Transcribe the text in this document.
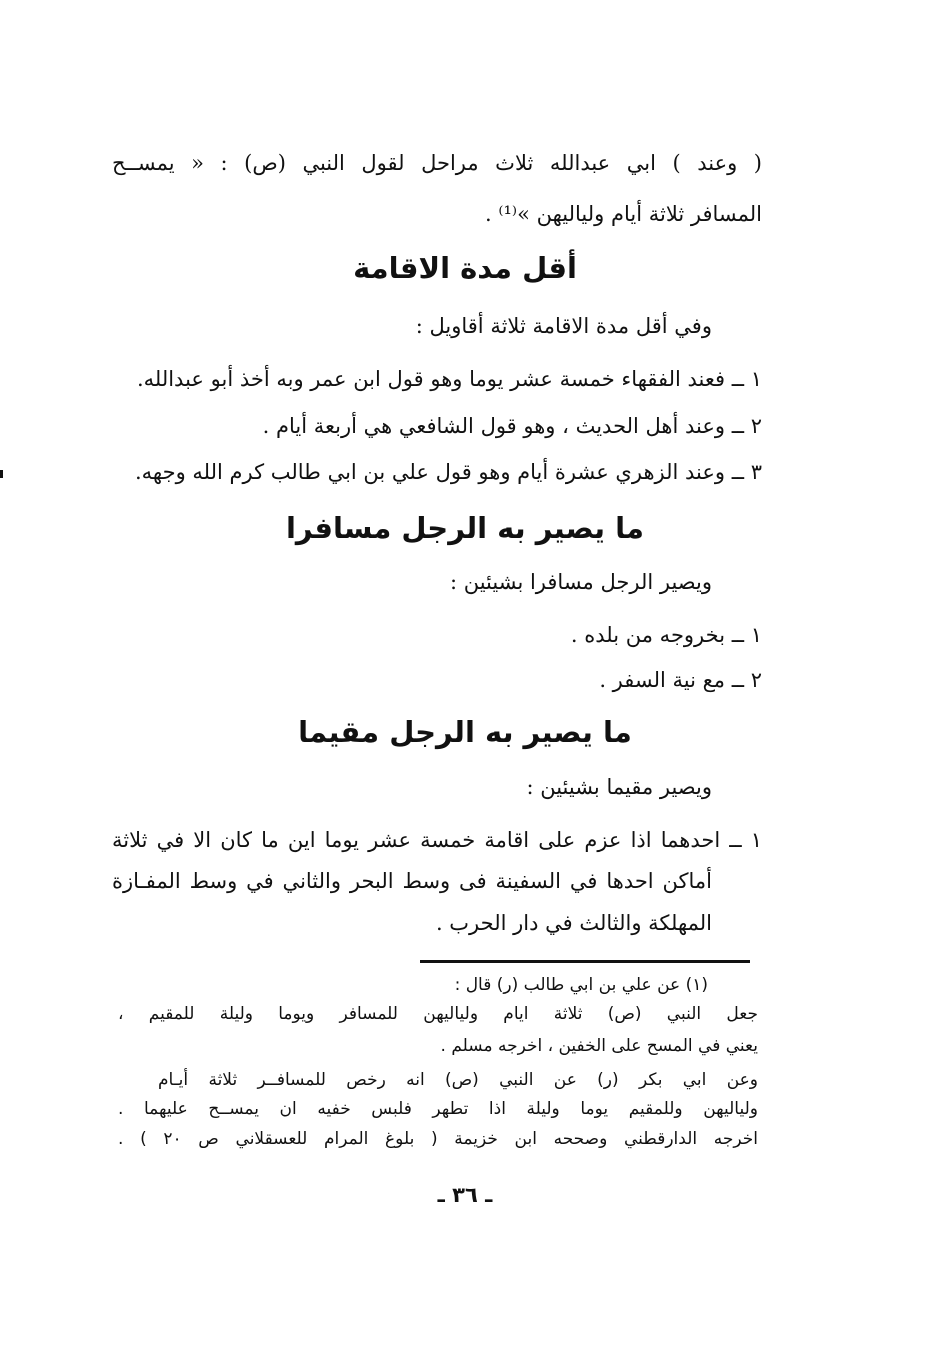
( وعند ) ابي عبدالله ثلاث مراحل لقول النبي (ص) : « يمســح
المسافر ثلاثة أيام ولياليهن »⁽¹⁾ .
أقل مدة الاقامة
وفي أقل مدة الاقامة ثلاثة أقاويل :
١ ــ فعند الفقهاء خمسة عشر يوما وهو قول ابن عمر وبه أخذ أبو عبدالله.
٢ ــ وعند أهل الحديث ، وهو قول الشافعي هي أربعة أيام .
٣ ــ وعند الزهري عشرة أيام وهو قول علي بن ابي طالب كرم الله وجهه.
ما يصير به الرجل مسافرا
ويصير الرجل مسافرا بشيئين :
١ ــ بخروجه من بلده .
٢ ــ مع نية السفر .
ما يصير به الرجل مقيما
ويصير مقيما بشيئين :
١ ــ احدهما اذا عزم على اقامة خمسة عشر يوما اين ما كان الا في ثلاثة
أماكن احدها في السفينة فى وسط البحر والثاني في وسط المفـازة
المهلكة والثالث في دار الحرب .
(١) عن علي بن ابي طالب (ر) قال :
جعل النبي (ص) ثلاثة ايام ولياليهن للمسافر ويوما وليلة للمقيم ،
يعني في المسح على الخفين ، اخرجه مسلم .
وعن ابي بكر (ر) عن النبي (ص) انه رخص للمسافــر ثلاثة أيـام
ولياليهن وللمقيم يوما وليلة اذا تطهر فلبس خفيه ان يمســح عليهما .
اخرجه الدارقطني وصححه ابن خزيمة ( بلوغ المرام للعسقلاني ص ٢٠ ) .
ـ ٣٦ ـ
